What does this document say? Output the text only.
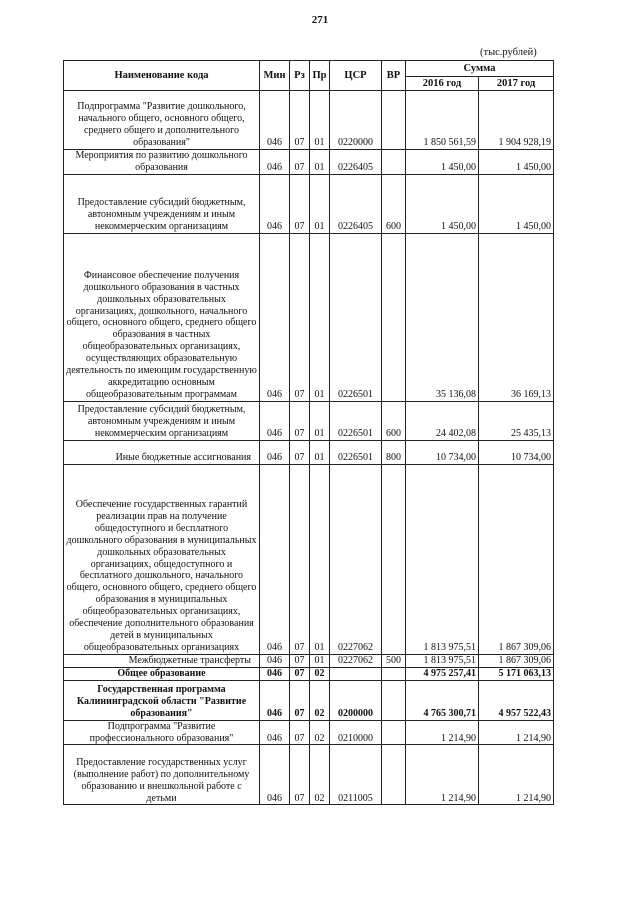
271
(тыс.рублей)
Наименование кода	Мин	Рз	Пр	ЦСР	ВР	Сумма	
						2016 год	2017 год
Подпрограмма "Развитие дошкольного, начального общего, основного общего, среднего общего и дополнительного образования"	046	07	01	0220000		1 850 561,59	1 904 928,19
Мероприятия по развитию дошкольного образования	046	07	01	0226405		1 450,00	1 450,00
Предоставление субсидий бюджетным, автономным учреждениям и иным некоммерческим организациям	046	07	01	0226405	600	1 450,00	1 450,00
Финансовое обеспечение получения дошкольного образования в частных дошкольных образовательных организациях, дошкольного, начального общего, основного общего, среднего общего образования в частных общеобразовательных организациях, осуществляющих образовательную деятельность по имеющим государственную аккредитацию основным общеобразовательным программам	046	07	01	0226501		35 136,08	36 169,13
Предоставление субсидий бюджетным, автономным учреждениям и иным некоммерческим организациям	046	07	01	0226501	600	24 402,08	25 435,13
Иные бюджетные ассигнования	046	07	01	0226501	800	10 734,00	10 734,00
Обеспечение государственных гарантий реализации прав на получение общедоступного и бесплатного дошкольного образования в муниципальных дошкольных образовательных организациях, общедоступного и бесплатного дошкольного, начального общего, основного общего, среднего общего образования в муниципальных общеобразовательных организациях, обеспечение дополнительного образования детей в муниципальных общеобразовательных организациях	046	07	01	0227062		1 813 975,51	1 867 309,06
Межбюджетные трансферты	046	07	01	0227062	500	1 813 975,51	1 867 309,06
Общее образование	046	07	02			4 975 257,41	5 171 063,13
Государственная программа Калининградской области "Развитие образования"	046	07	02	0200000		4 765 300,71	4 957 522,43
Подпрограмма "Развитие профессионального образования"	046	07	02	0210000		1 214,90	1 214,90
Предоставление государственных услуг (выполнение работ) по дополнительному образованию и внешкольной работе с детьми	046	07	02	0211005		1 214,90	1 214,90
